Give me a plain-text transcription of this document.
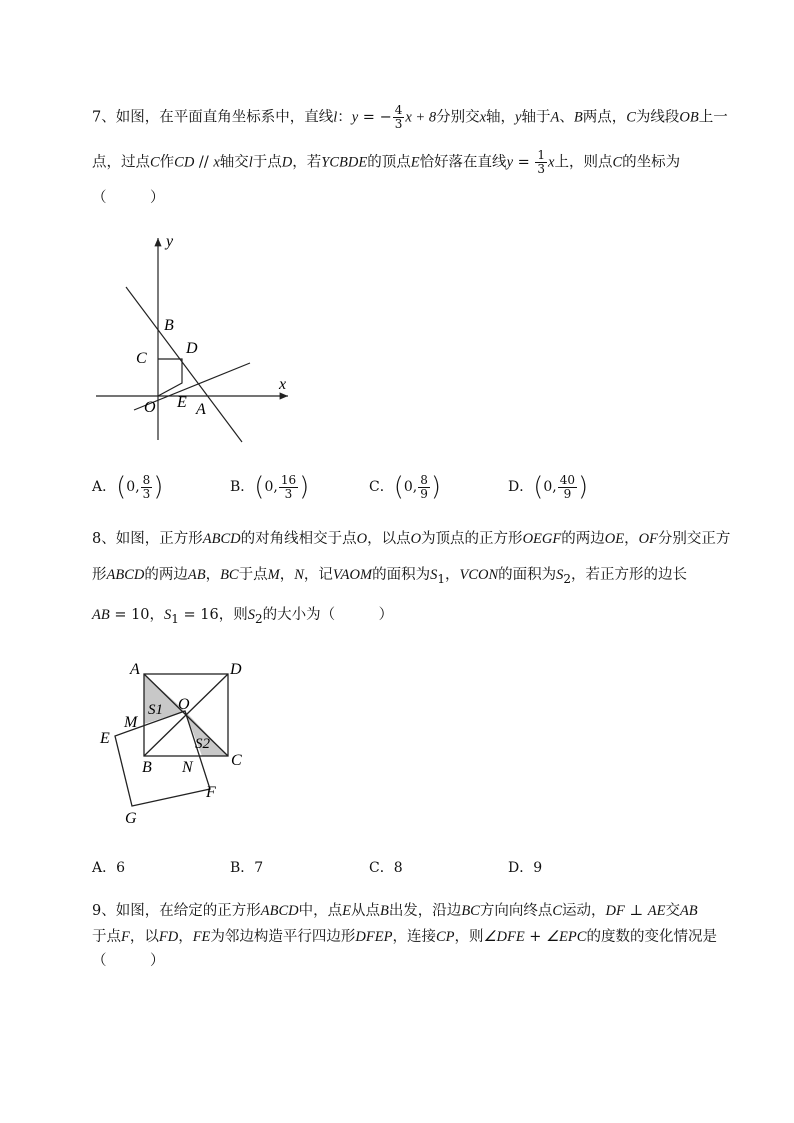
7、如图，在平面直角坐标系中，直线l：y = − $\frac{4}{3}$ x + 8分别交x轴，y轴于A、B两点，C为线段OB上一
点，过点C作CD // x轴交l于点D，若YCBDE的顶点E恰好落在直线$y = \frac{1}{3}$ x上，则点C的坐标为
（　　　）
y
x
B
C
D
O E A
A．(0, $\frac{8}{3}$ )	B．(0, $\frac{16}{3}$ )	C．(0, $\frac{8}{9}$ )	D．(0, $\frac{40}{9}$ )
8、如图，正方形ABCD的对角线相交于点O，以点O为顶点的正方形OEGF的两边OE，OF分别交正方
形ABCD的两边AB，BC于点M，N，记VAOM的面积为$S_1$，VCON的面积为$S_2$，若正方形的边长
AB = 10，$S_1 = 16$，则$S_2$的大小为（　　　）
A	D
O
S1
M
E	S2
B N C
F
G
A．6	B．7	C．8	D．9
9、如图，在给定的正方形ABCD中，点E从点B出发，沿边BC方向向终点C运动，DF ⊥ AE交AB
于点F，以FD，FE为邻边构造平行四边形DFEP，连接CP，则∠DFE + ∠EPC的度数的变化情况是
（　　　）
